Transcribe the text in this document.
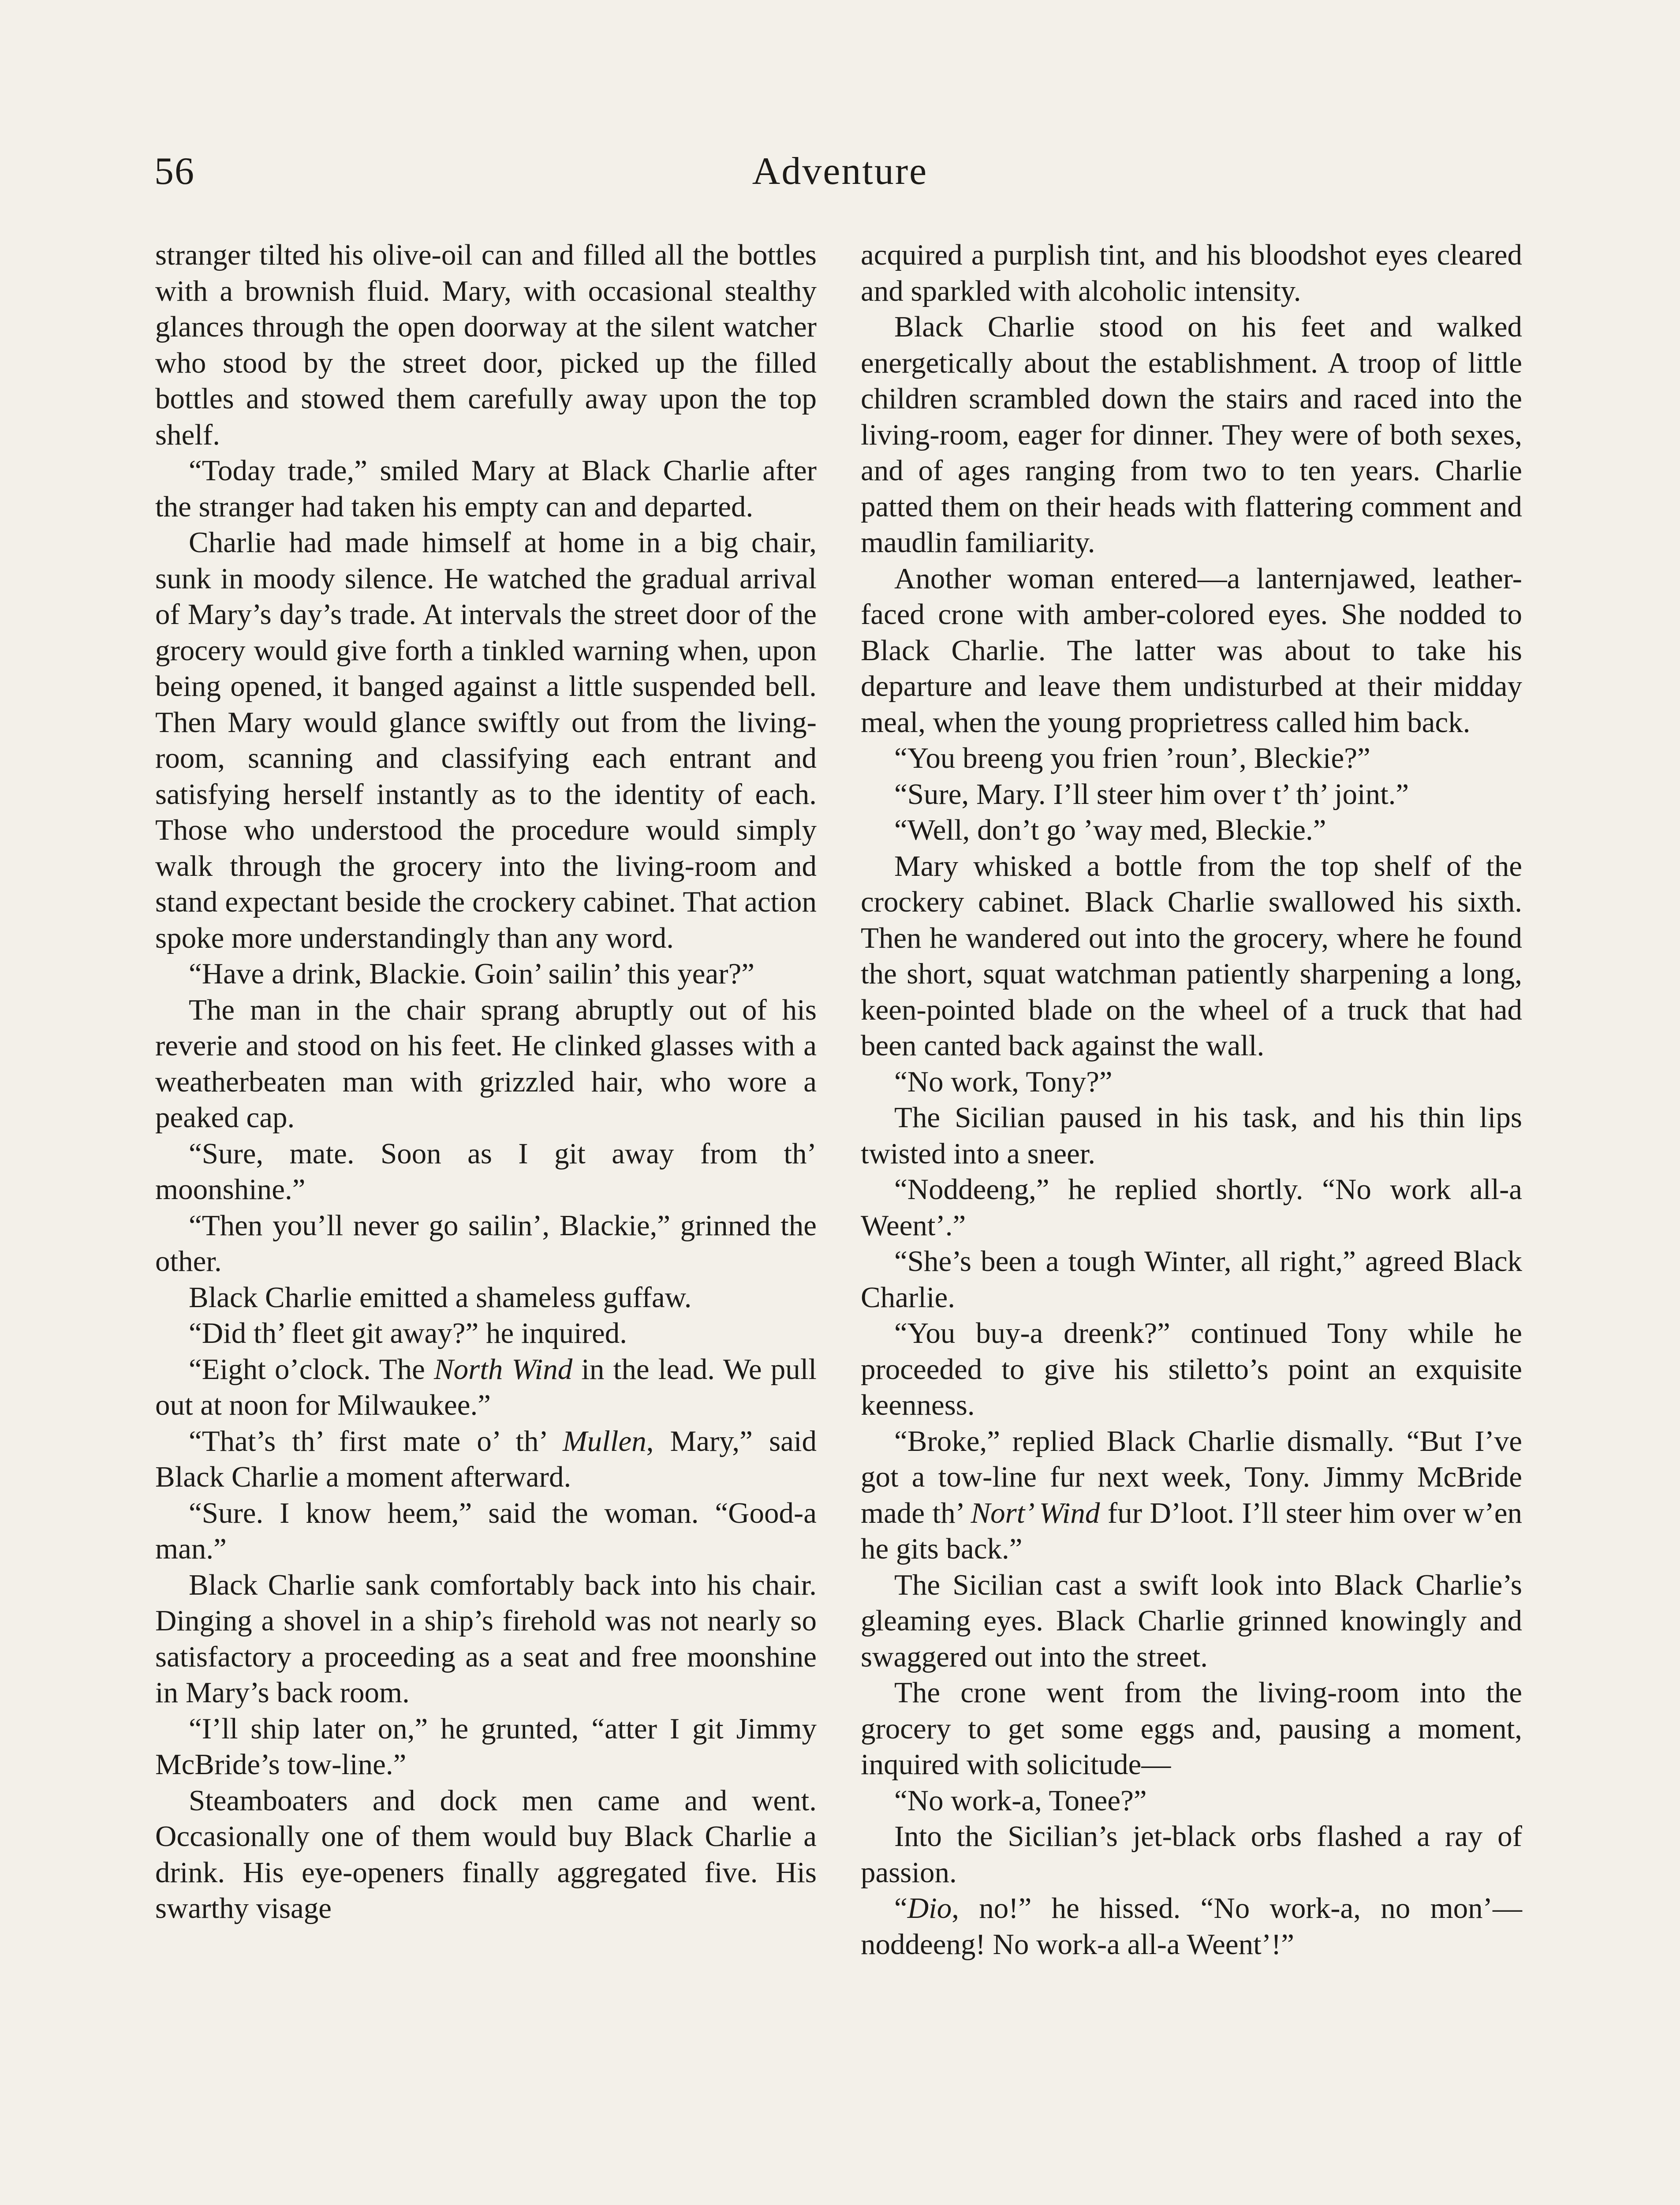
56	Adventure

stranger tilted his olive-oil can and filled all the bottles with a brownish fluid. Mary, with occasional stealthy glances through the open doorway at the silent watcher who stood by the street door, picked up the filled bottles and stowed them carefully away upon the top shelf.

“Today trade,” smiled Mary at Black Charlie after the stranger had taken his empty can and departed.

Charlie had made himself at home in a big chair, sunk in moody silence. He watched the gradual arrival of Mary’s day’s trade. At intervals the street door of the grocery would give forth a tinkled warning when, upon being opened, it banged against a little suspended bell. Then Mary would glance swiftly out from the living-room, scanning and classifying each entrant and satisfying herself instantly as to the identity of each. Those who understood the procedure would simply walk through the grocery into the living-room and stand expectant beside the crockery cabinet. That action spoke more understandingly than any word.

“Have a drink, Blackie. Goin’ sailin’ this year?”

The man in the chair sprang abruptly out of his reverie and stood on his feet. He clinked glasses with a weatherbeaten man with grizzled hair, who wore a peaked cap.

“Sure, mate. Soon as I git away from th’ moonshine.”

“Then you’ll never go sailin’, Blackie,” grinned the other.

Black Charlie emitted a shameless guffaw.

“Did th’ fleet git away?” he inquired.

“Eight o’clock. The North Wind in the lead. We pull out at noon for Milwaukee.”

“That’s th’ first mate o’ th’ Mullen, Mary,” said Black Charlie a moment afterward.

“Sure. I know heem,” said the woman. “Good-a man.”

Black Charlie sank comfortably back into his chair. Dinging a shovel in a ship’s firehold was not nearly so satisfactory a proceeding as a seat and free moonshine in Mary’s back room.

“I’ll ship later on,” he grunted, “atter I git Jimmy McBride’s tow-line.”

Steamboaters and dock men came and went. Occasionally one of them would buy Black Charlie a drink. His eye-openers finally aggregated five. His swarthy visage

acquired a purplish tint, and his bloodshot eyes cleared and sparkled with alcoholic intensity.

Black Charlie stood on his feet and walked energetically about the establishment. A troop of little children scrambled down the stairs and raced into the living-room, eager for dinner. They were of both sexes, and of ages ranging from two to ten years. Charlie patted them on their heads with flattering comment and maudlin familiarity.

Another woman entered—a lanternjawed, leather-faced crone with amber-colored eyes. She nodded to Black Charlie. The latter was about to take his departure and leave them undisturbed at their midday meal, when the young proprietress called him back.

“You breeng you frien ’roun’, Bleckie?”

“Sure, Mary. I’ll steer him over t’ th’ joint.”

“Well, don’t go ’way med, Bleckie.”

Mary whisked a bottle from the top shelf of the crockery cabinet. Black Charlie swallowed his sixth. Then he wandered out into the grocery, where he found the short, squat watchman patiently sharpening a long, keen-pointed blade on the wheel of a truck that had been canted back against the wall.

“No work, Tony?”

The Sicilian paused in his task, and his thin lips twisted into a sneer.

“Noddeeng,” he replied shortly. “No work all-a Weent’.”

“She’s been a tough Winter, all right,” agreed Black Charlie.

“You buy-a dreenk?” continued Tony while he proceeded to give his stiletto’s point an exquisite keenness.

“Broke,” replied Black Charlie dismally. “But I’ve got a tow-line fur next week, Tony. Jimmy McBride made th’ Nort’ Wind fur D’loot. I’ll steer him over w’en he gits back.”

The Sicilian cast a swift look into Black Charlie’s gleaming eyes. Black Charlie grinned knowingly and swaggered out into the street.

The crone went from the living-room into the grocery to get some eggs and, pausing a moment, inquired with solicitude—

“No work-a, Tonee?”

Into the Sicilian’s jet-black orbs flashed a ray of passion.

“Dio, no!” he hissed. “No work-a, no mon’—noddeeng! No work-a all-a Weent’!”
